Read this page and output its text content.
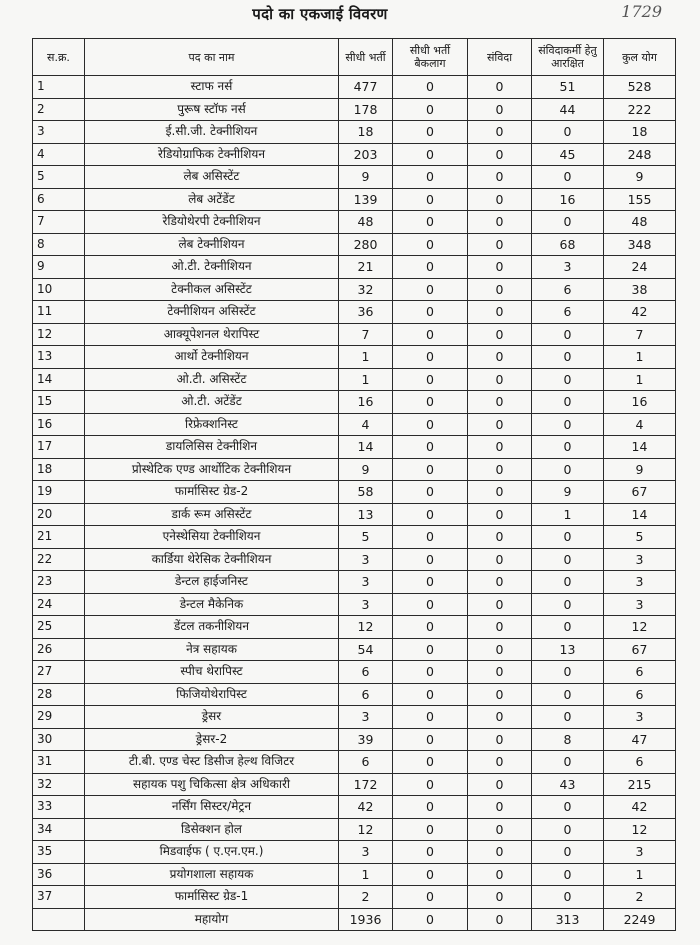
पदो का एकजाई विवरण	1729
स.क्र.	पद का नाम	सीधी भर्ती	सीधी भर्ती बैकलाग	संविदा	संविदाकर्मी हेतु आरक्षित	कुल योग
1	स्टाफ नर्स	477	0	0	51	528
2	पुरूष स्टॉफ नर्स	178	0	0	44	222
3	ई.सी.जी. टेक्नीशियन	18	0	0	0	18
4	रेडियोग्राफिक टेक्नीशियन	203	0	0	45	248
5	लेब असिस्टेंट	9	0	0	0	9
6	लेब अटेंडेंट	139	0	0	16	155
7	रेडियोथेरपी टेक्नीशियन	48	0	0	0	48
8	लेब टेक्नीशियन	280	0	0	68	348
9	ओ.टी. टेक्नीशियन	21	0	0	3	24
10	टेक्नीकल असिस्टेंट	32	0	0	6	38
11	टेक्नीशियन असिस्टेंट	36	0	0	6	42
12	आक्यूपेशनल थेरापिस्ट	7	0	0	0	7
13	आर्थो टेक्नीशियन	1	0	0	0	1
14	ओ.टी. असिस्टेंट	1	0	0	0	1
15	ओ.टी. अटेंडेंट	16	0	0	0	16
16	रिफ्रेक्शनिस्ट	4	0	0	0	4
17	डायलिसिस टेक्नीशिन	14	0	0	0	14
18	प्रोस्थेटिक एण्ड आर्थोटिक टेक्नीशियन	9	0	0	0	9
19	फार्मासिस्ट ग्रेड-2	58	0	0	9	67
20	डार्क रूम असिस्टेंट	13	0	0	1	14
21	एनेस्थेसिया टेक्नीशियन	5	0	0	0	5
22	कार्डिया थेरेसिक टेक्नीशियन	3	0	0	0	3
23	डेन्टल हाईजनिस्ट	3	0	0	0	3
24	डेन्टल मैकेनिक	3	0	0	0	3
25	डेंटल तकनीशियन	12	0	0	0	12
26	नेत्र सहायक	54	0	0	13	67
27	स्पीच थेरापिस्ट	6	0	0	0	6
28	फिजियोथेरापिस्ट	6	0	0	0	6
29	ड्रेसर	3	0	0	0	3
30	ड्रेसर-2	39	0	0	8	47
31	टी.बी. एण्ड चेस्ट डिसीज हेल्थ विजिटर	6	0	0	0	6
32	सहायक पशु चिकित्सा क्षेत्र अधिकारी	172	0	0	43	215
33	नर्सिंग सिस्टर/मेट्रन	42	0	0	0	42
34	डिसेक्शन होल	12	0	0	0	12
35	मिडवाईफ ( ए.एन.एम.)	3	0	0	0	3
36	प्रयोगशाला सहायक	1	0	0	0	1
37	फार्मासिस्ट ग्रेड-1	2	0	0	0	2
	महायोग	1936	0	0	313	2249
